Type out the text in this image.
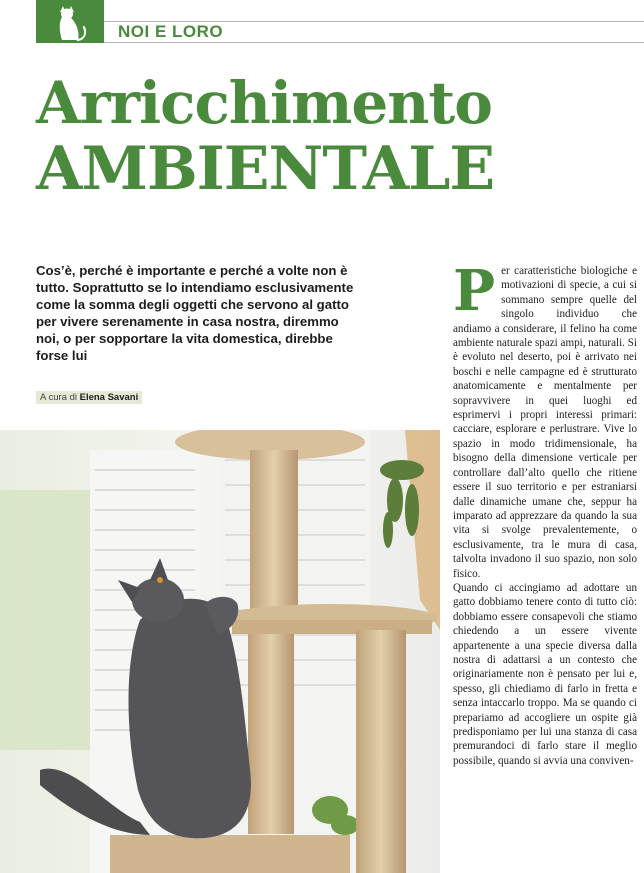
NOI E LORO
Arricchimento
AMBIENTALE
Cos’è, perché è importante e perché a volte non è tutto. Soprattutto se lo intendiamo esclusivamente come la somma degli oggetti che servono al gatto per vivere serenamente in casa nostra, diremmo noi, o per sopportare la vita domestica, direbbe forse lui
A cura di Elena Savani
P er caratteristiche biologiche e motivazioni di specie, a cui si sommano sempre quelle del singolo individuo che andiamo a considerare, il felino ha come ambiente naturale spazi ampi, naturali. Si è evoluto nel deserto, poi è arrivato nei boschi e nelle campagne ed è strutturato anatomicamente e mentalmente per sopravvivere in quei luoghi ed esprimervi i propri interessi primari: cacciare, esplorare e perlustrare. Vive lo spazio in modo tridimensionale, ha bisogno della dimensione verticale per controllare dall’alto quello che ritiene essere il suo territorio e per estraniarsi dalle dinamiche umane che, seppur ha imparato ad apprezzare da quando la sua vita si svolge prevalentemente, o esclusivamente, tra le mura di casa, talvolta invadono il suo spazio, non solo fisico.

Quando ci accingiamo ad adottare un gatto dobbiamo tenere conto di tutto ciò: dobbiamo essere consapevoli che stiamo chiedendo a un essere vivente appartenente a una specie diversa dalla nostra di adattarsi a un contesto che originariamente non è pensato per lui e, spesso, gli chiediamo di farlo in fretta e senza intaccarlo troppo. Ma se quando ci prepariamo ad accogliere un ospite già predisponiamo per lui una stanza di casa premurandoci di farlo stare il meglio possibile, quando si avvia una conviven-
